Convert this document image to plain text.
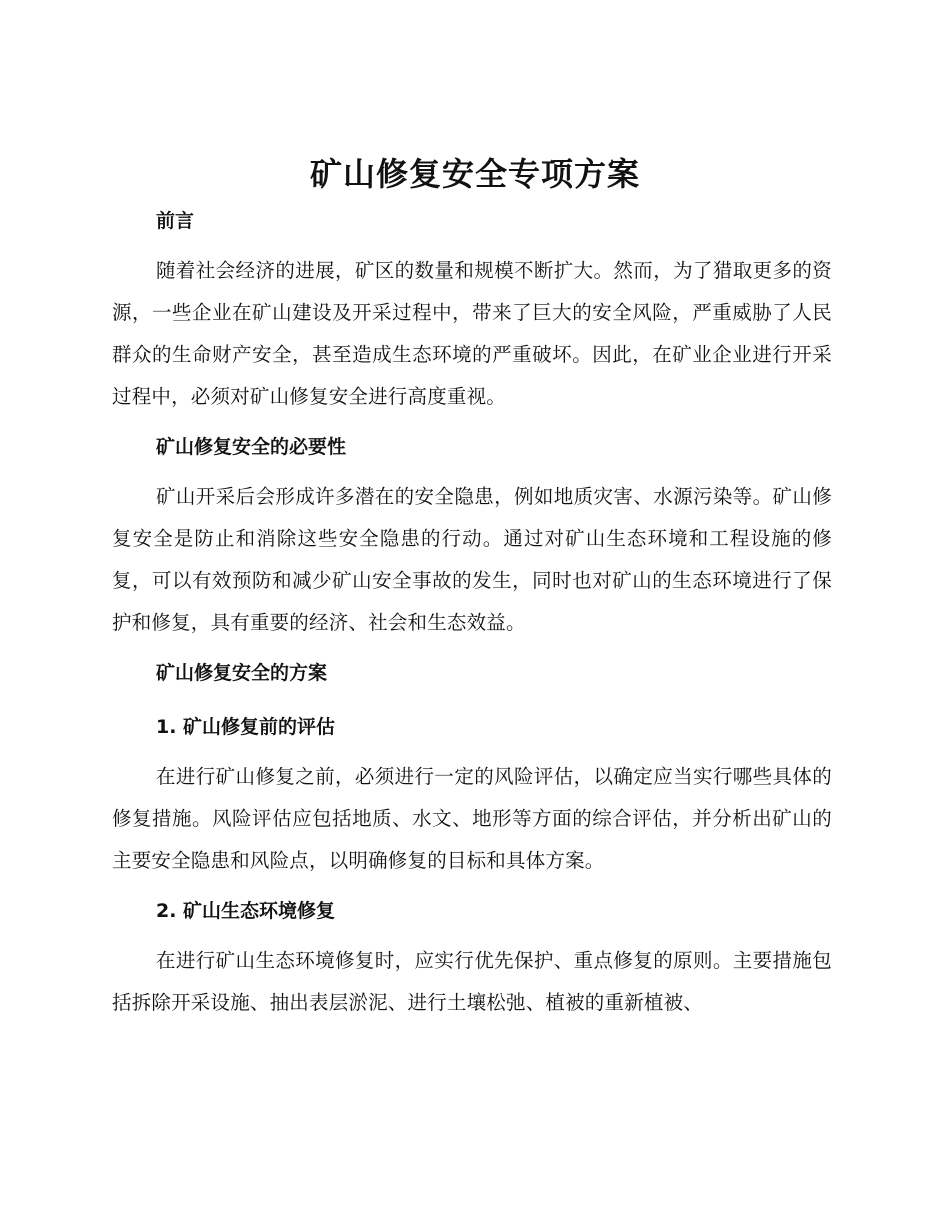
矿山修复安全专项方案
前言

随着社会经济的进展，矿区的数量和规模不断扩大。然而，为了猎取更多的资源，一些企业在矿山建设及开采过程中，带来了巨大的安全风险，严重威胁了人民群众的生命财产安全，甚至造成生态环境的严重破坏。因此，在矿业企业进行开采过程中，必须对矿山修复安全进行高度重视。

矿山修复安全的必要性

矿山开采后会形成许多潜在的安全隐患，例如地质灾害、水源污染等。矿山修复安全是防止和消除这些安全隐患的行动。通过对矿山生态环境和工程设施的修复，可以有效预防和减少矿山安全事故的发生，同时也对矿山的生态环境进行了保护和修复，具有重要的经济、社会和生态效益。

矿山修复安全的方案
1. 矿山修复前的评估

在进行矿山修复之前，必须进行一定的风险评估，以确定应当实行哪些具体的修复措施。风险评估应包括地质、水文、地形等方面的综合评估，并分析出矿山的主要安全隐患和风险点，以明确修复的目标和具体方案。

2. 矿山生态环境修复

在进行矿山生态环境修复时，应实行优先保护、重点修复的原则。主要措施包括拆除开采设施、抽出表层淤泥、进行土壤松弛、植被的重新植被、
